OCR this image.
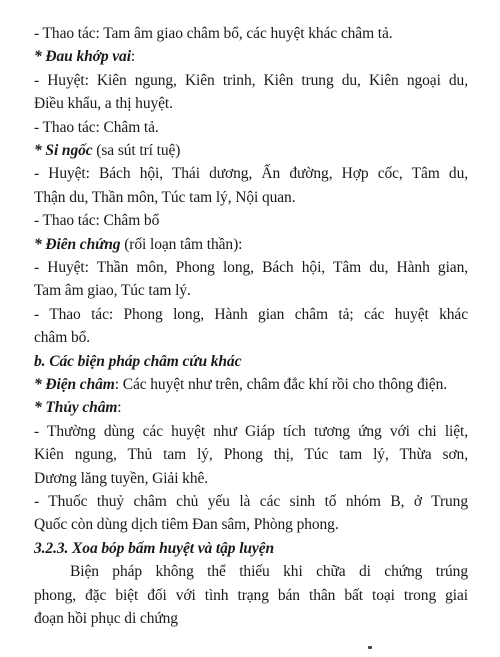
- Thao tác: Tam âm giao châm bổ, các huyệt khác châm tả.
* Đau khớp vai:
- Huyệt: Kiên ngung, Kiên trinh, Kiên trung du, Kiên ngoại du,
Điều khẩu, a thị huyệt.
- Thao tác: Châm tả.
* Si ngốc (sa sút trí tuệ)
- Huyệt: Bách hội, Thái dương, Ấn đường, Hợp cốc, Tâm du,
Thận du, Thần môn, Túc tam lý, Nội quan.
- Thao tác: Châm bổ
* Điên chứng (rối loạn tâm thần):
- Huyệt: Thần môn, Phong long, Bách hội, Tâm du, Hành gian,
Tam âm giao, Túc tam lý.
- Thao tác: Phong long, Hành gian châm tả; các huyệt khác
châm bổ.
b. Các biện pháp châm cứu khác
* Điện châm: Các huyệt như trên, châm đắc khí rồi cho thông điện.
* Thủy châm:
- Thường dùng các huyệt như Giáp tích tương ứng với chi liệt,
Kiên ngung, Thủ tam lý, Phong thị, Túc tam lý, Thừa sơn,
Dương lăng tuyền, Giải khê.
- Thuốc thuỷ châm chủ yếu là các sinh tố nhóm B, ở Trung
Quốc còn dùng dịch tiêm Đan sâm, Phòng phong.
3.2.3. Xoa bóp bấm huyệt và tập luyện
Biện pháp không thể thiếu khi chữa di chứng trúng
phong, đặc biệt đối với tình trạng bán thân bất toại trong giai
đoạn hồi phục di chứng
